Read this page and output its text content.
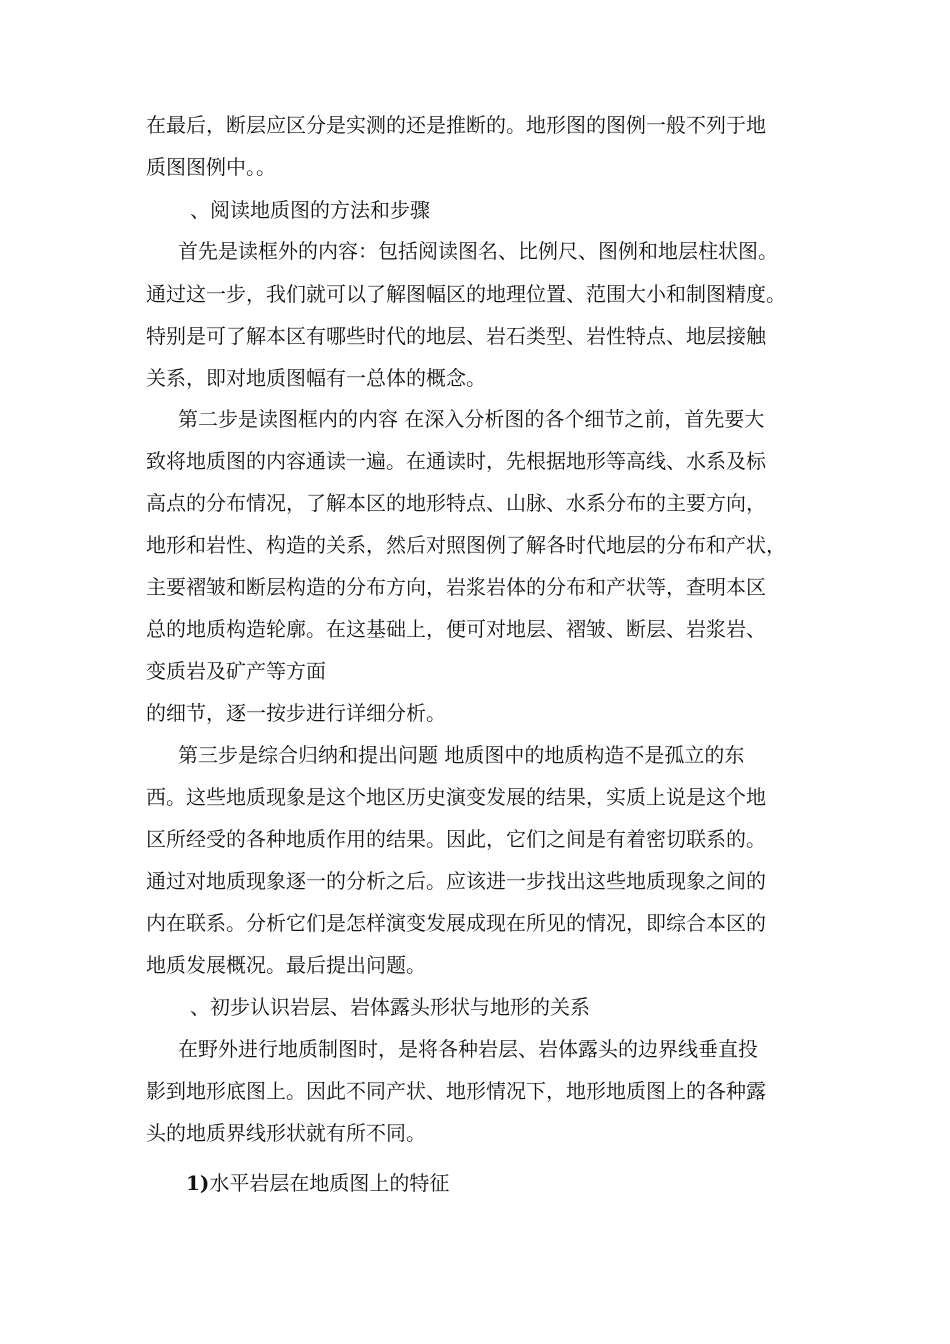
在最后，断层应区分是实测的还是推断的。地形图的图例一般不列于地
质图图例中。。
、阅读地质图的方法和步骤
首先是读框外的内容：包括阅读图名、比例尺、图例和地层柱状图。
通过这一步，我们就可以了解图幅区的地理位置、范围大小和制图精度。
特别是可了解本区有哪些时代的地层、岩石类型、岩性特点、地层接触
关系，即对地质图幅有一总体的概念。
第二步是读图框内的内容 在深入分析图的各个细节之前，首先要大
致将地质图的内容通读一遍。在通读时，先根据地形等高线、水系及标
高点的分布情况，了解本区的地形特点、山脉、水系分布的主要方向，
地形和岩性、构造的关系，然后对照图例了解各时代地层的分布和产状，
主要褶皱和断层构造的分布方向，岩浆岩体的分布和产状等，查明本区
总的地质构造轮廓。在这基础上，便可对地层、褶皱、断层、岩浆岩、
变质岩及矿产等方面
的细节，逐一按步进行详细分析。
第三步是综合归纳和提出问题 地质图中的地质构造不是孤立的东
西。这些地质现象是这个地区历史演变发展的结果，实质上说是这个地
区所经受的各种地质作用的结果。因此，它们之间是有着密切联系的。
通过对地质现象逐一的分析之后。应该进一步找出这些地质现象之间的
内在联系。分析它们是怎样演变发展成现在所见的情况，即综合本区的
地质发展概况。最后提出问题。
、初步认识岩层、岩体露头形状与地形的关系
在野外进行地质制图时，是将各种岩层、岩体露头的边界线垂直投
影到地形底图上。因此不同产状、地形情况下，地形地质图上的各种露
头的地质界线形状就有所不同。
1)水平岩层在地质图上的特征
